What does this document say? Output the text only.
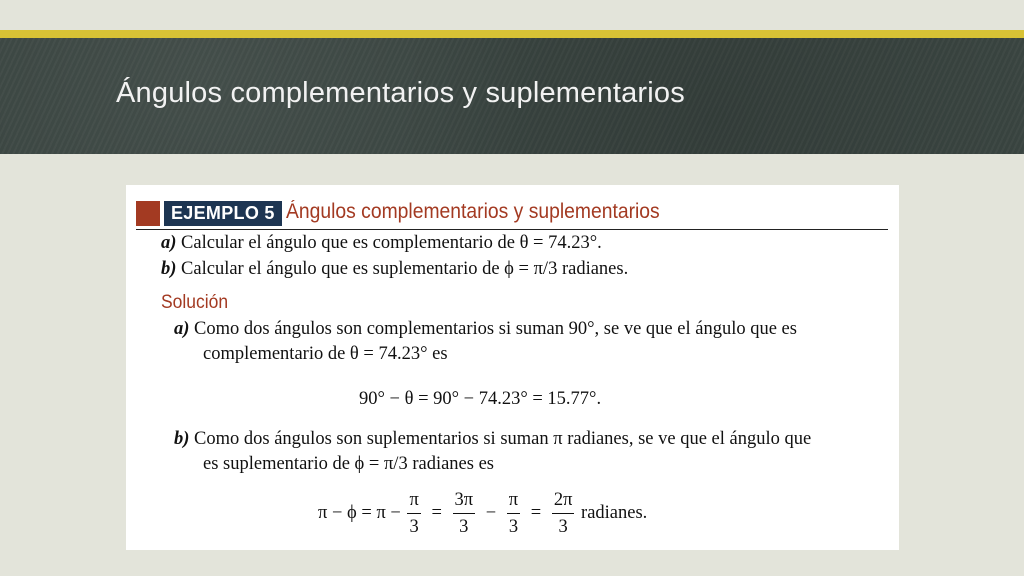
Ángulos complementarios y suplementarios
EJEMPLO 5 Ángulos complementarios y suplementarios
a) Calcular el ángulo que es complementario de θ = 74.23°.
b) Calcular el ángulo que es suplementario de ϕ = π/3 radianes.
Solución
a) Como dos ángulos son complementarios si suman 90°, se ve que el ángulo que es
complementario de θ = 74.23° es
90° − θ = 90° − 74.23° = 15.77°.
b) Como dos ángulos son suplementarios si suman π radianes, se ve que el ángulo que
es suplementario de ϕ = π/3 radianes es
$\pi - \phi = \pi - \frac{\pi}{3} = \frac{3\pi}{3} - \frac{\pi}{3} = \frac{2\pi}{3}$ radianes.
